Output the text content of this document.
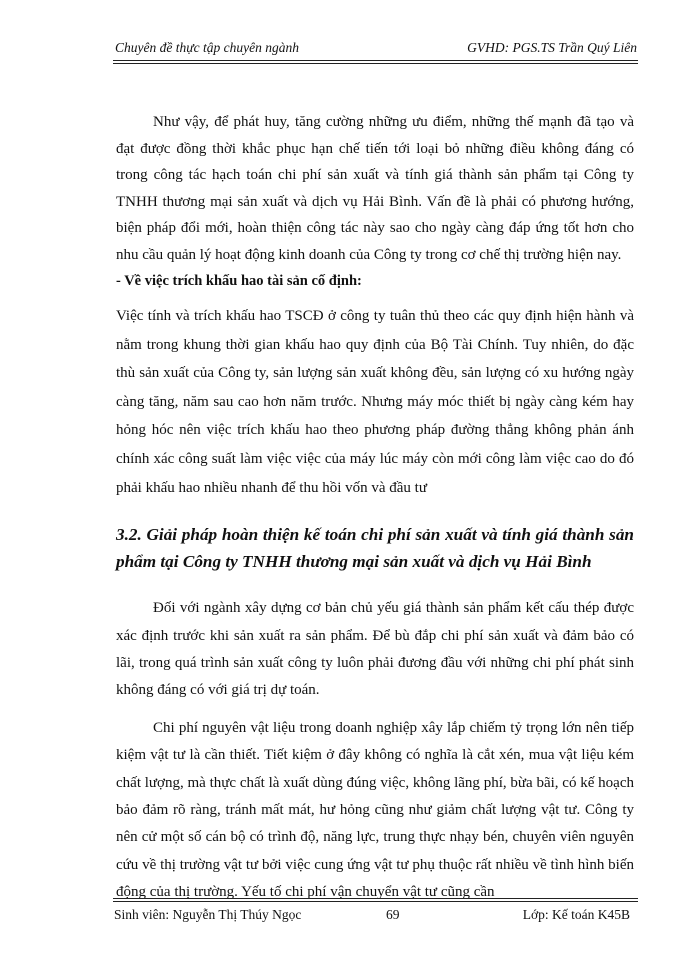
Chuyên đề thực tập chuyên ngành	GVHD: PGS.TS Trần Quý Liên

Như vậy, để phát huy, tăng cường những ưu điểm, những thế mạnh đã tạo và đạt được đồng thời khắc phục hạn chế tiến tới loại bỏ những điều không đáng có trong công tác hạch toán chi phí sản xuất và tính giá thành sản phẩm tại Công ty TNHH thương mại sản xuất và dịch vụ Hải Bình. Vấn đề là phải có phương hướng, biện pháp đổi mới, hoàn thiện công tác này sao cho ngày càng đáp ứng tốt hơn cho nhu cầu quản lý hoạt động kinh doanh của Công ty trong cơ chế thị trường hiện nay.

- Về việc trích khấu hao tài sản cố định:

Việc tính và trích khấu hao TSCĐ ở công ty tuân thủ theo các quy định hiện hành và nằm trong khung thời gian khấu hao quy định của Bộ Tài Chính. Tuy nhiên, do đặc thù sản xuất của Công ty, sản lượng sản xuất không đều, sản lượng có xu hướng ngày càng tăng, năm sau cao hơn năm trước. Nhưng máy móc thiết bị ngày càng kém hay hỏng hóc nên việc trích khấu hao theo phương pháp đường thẳng không phản ánh chính xác công suất làm việc việc của máy lúc máy còn mới công làm việc cao do đó phải khấu hao nhiều nhanh để thu hồi vốn và đầu tư

3.2. Giải pháp hoàn thiện kế toán chi phí sản xuất và tính giá thành sản phẩm tại Công ty TNHH thương mại sản xuất và dịch vụ Hải Bình

Đối với ngành xây dựng cơ bản chủ yếu giá thành sản phẩm kết cấu thép được xác định trước khi sản xuất ra sản phẩm. Để bù đắp chi phí sản xuất và đảm bảo có lãi, trong quá trình sản xuất công ty luôn phải đương đầu với những chi phí phát sinh không đáng có với giá trị dự toán.

Chi phí nguyên vật liệu trong doanh nghiệp xây lắp chiếm tỷ trọng lớn nên tiếp kiệm vật tư là cần thiết. Tiết kiệm ở đây không có nghĩa là cắt xén, mua vật liệu kém chất lượng, mà thực chất là xuất dùng đúng việc, không lãng phí, bừa bãi, có kế hoạch bảo đảm rõ ràng, tránh mất mát, hư hỏng cũng như giảm chất lượng vật tư. Công ty nên cử một số cán bộ có trình độ, năng lực, trung thực nhạy bén, chuyên viên nguyên cứu về thị trường vật tư bởi việc cung ứng vật tư phụ thuộc rất nhiều về tình hình biến động của thị trường. Yếu tố chi phí vận chuyển vật tư cũng cần

Sinh viên: Nguyễn Thị Thúy Ngọc	69	Lớp: Kế toán K45B
